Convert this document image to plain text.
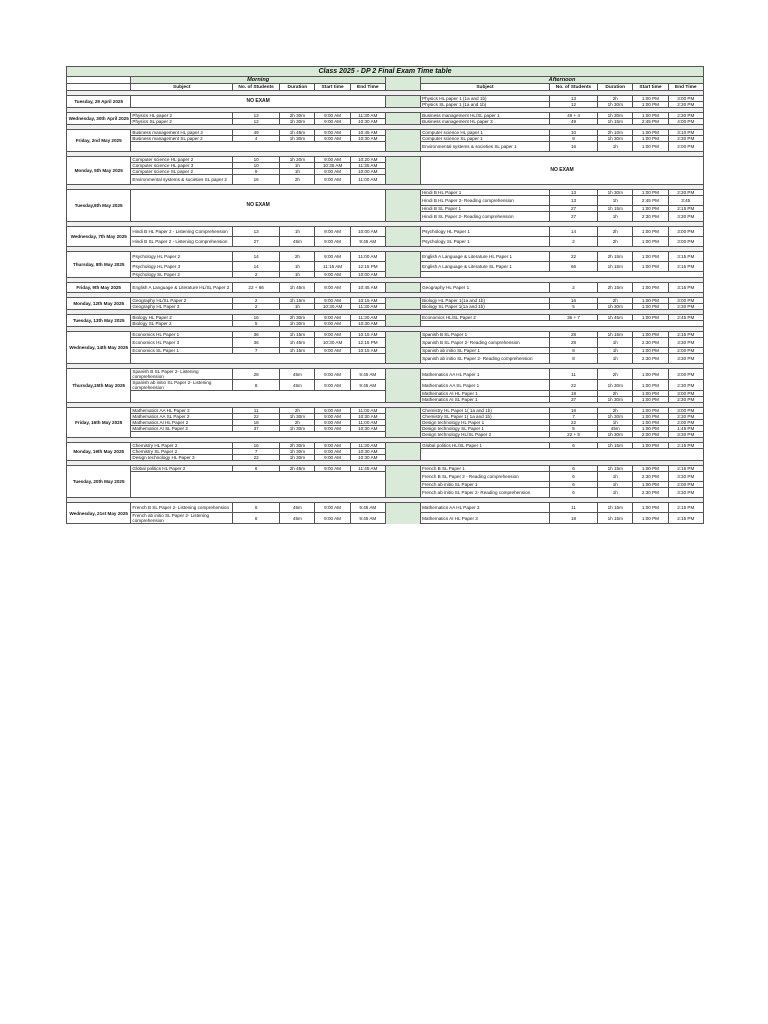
Class 2025 - DP 2 Final Exam Time table											
	Morning						Afternoon				
	Subject	No. of Students	Duration	Start time	End Time		Subject	No. of Students	Duration	Start time	End Time

Tuesday, 29 April 2025	NO EXAM						Physics HL paper 1 (1a and 1b)	13	2h	1:00 PM	3:00 PM
							Physics SL paper 1 (1a and 1b)	12	1h 30m	1:00 PM	2:30 PM

Wednesday, 30th April 2025	Physics HL paper 2	13	2h 30m	9:00 AM	11:30 AM		Business management HL/SL paper 1	49 + 4	1h 30m	1:00 PM	2:30 PM
	Physics SL paper 2	12	1h 30m	9:00 AM	10:30 AM		Business management HL paper 3	49	1h 15m	2:45 PM	4:00 PM

Friday, 2nd May 2025	Business management HL paper 2	49	1h 45m	9:00 AM	10:45 AM		Computer science HL paper 1	10	2h 10m	1:00 PM	3:10 PM
	Business management SL paper 2	4	1h 30m	9:00 AM	10:30 AM		Computer science SL paper 1	9	1h 30m	1:00 PM	2:30 PM
							Environmental systems & societies SL paper 1	16	1h	1:00 PM	2:00 PM

Monday, 5th May 2025	Computer science HL paper 2	10	1h 20m	9:00 AM	10:20 AM		NO EXAM				
	Computer science HL paper 3	10	1h	10:35 AM	11:35 AM						
	Computer science SL paper 2	9	1h	9:00 AM	10:00 AM						
	Environmental systems & societies SL paper 2	16	2h	9:00 AM	11:00 AM						

Tuesday,6th May 2025	NO EXAM						Hindi B HL Paper 1	13	1h 30m	1:00 PM	2:30 PM
							Hindi B HL Paper 2- Reading comprehension	13	1h	2:45 PM	3:45
							Hindi B SL Paper 1	27	1h 15m	1:00 PM	2:15 PM
							Hindi B SL Paper 2- Reading comprehension	27	1h	2:30 PM	3:30 PM

Wednesday, 7th May 2025	Hindi B HL Paper 2 - Listening Comprehension	13	1h	9:00 AM	10:00 AM		Psychology HL Paper 1	14	2h	1:00 PM	3:00 PM
	Hindi B SL Paper 2 - Listening Comprehension	27	45m	9:00 AM	9:45 AM		Psychology SL Paper 1	2	2h	1:00 PM	3:00 PM

Thursday, 8th May 2025	Psychology HL Paper 2	14	2h	9:00 AM	11:00 AM		English A Language & Literature HL Paper 1	22	2h 15m	1:00 PM	3:15 PM
	Psychology HL Paper 3	14	1h	11:15 AM	12:15 PM		English A Language & Literature SL Paper 1	66	1h 15m	1:00 PM	2:15 PM
	Psychology SL Paper 2	2	1h	9:00 AM	10:00 AM						

Friday, 9th May 2025	English A Language & Literature HL/SL Paper 2	22 + 66	1h 45m	9:00 AM	10:45 AM		Geography HL Paper 1	2	2h 15m	1:00 PM	3:15 PM

Monday, 12th May 2025	Geography HL/SL Paper 2	2	1h 15m	9:00 AM	10:15 AM		Biology HL Paper 1(1a and 1b)	16	2h	1:00 PM	3:00 PM
	Geography HL Paper 3	2	1h	10:30 AM	11:30 AM		Biology SL Paper 1(1a and 1b)	5	1h 30m	1:00 PM	2:30 PM

Tuesday, 13th May 2025	Biology HL Paper 2	16	2h 30m	9:00 AM	11:30 AM		Economics HL/SL Paper 2	36 + 7	1h 45m	1:00 PM	2:45 PM
	Biology SL Paper 2	5	1h 30m	9:00 AM	10:30 AM						

Wednesday, 14th May 2025	Economics HL Paper 1	36	1h 15m	9:00 AM	10:15 AM		Spanish B SL Paper 1	28	1h 15m	1:00 PM	2:15 PM
	Economics HL Paper 3	36	1h 45m	10:30 AM	12:15 PM		Spanish B SL Paper 2- Reading comprehension	28	1h	2:30 PM	3:30 PM
	Economics SL Paper 1	7	1h 15m	9:00 AM	10:15 AM		Spanish ab initio SL Paper 1	8	1h	1:00 PM	2:00 PM
							Spanish ab initio SL Paper 2- Reading comprehension	8	1h	2:30 PM	3:30 PM

Thursday,15th May 2025	Spanish B SL Paper 2- Listening comprehension	28	45m	9:00 AM	9:45 AM		Mathematics AA HL Paper 1	11	2h	1:00 PM	3:00 PM
	Spanish ab initio SL Paper 2- Listening comprehension	8	45m	9:00 AM	9:45 AM		Mathematics AA SL Paper 1	22	1h 30m	1:00 PM	2:30 PM
							Mathematics AI HL Paper 1	18	2h	1:00 PM	3:00 PM
							Mathematics AI SL Paper 1	37	1h 30m	1:00 PM	2:30 PM

Friday, 16th May 2025	Mathematics AA HL Paper 2	11	2h	9:00 AM	11:00 AM		Chemistry HL Paper 1( 1a and 1b)	16	2h	1:00 PM	3:00 PM
	Mathematics AA SL Paper 2	22	1h 30m	9:00 AM	10:30 AM		Chemistry SL Paper 1( 1a and 1b)	7	1h 30m	1:00 PM	2:30 PM
	Mathematics AI HL Paper 2	18	2h	9:00 AM	11:00 AM		Design technology HL Paper 1	22	1h	1:00 PM	2:00 PM
	Mathematics AI SL Paper 2	37	1h 30m	9:00 AM	10:30 AM		Design technology SL Paper 1	5	45m	1:00 PM	1:45 PM
							Design technology HL/SL Paper 2	22 + 5	1h 30m	2:00 PM	3:30 PM

Monday, 19th May 2025	Chemistry HL Paper 2	16	2h 30m	9:00 AM	11:30 AM		Global politics HL/SL Paper 1	6	1h 15m	1:00 PM	2:15 PM
	Chemistry SL Paper 2	7	1h 30m	9:00 AM	10:30 AM						
	Design technology HL Paper 3	22	1h 30m	9:00 AM	10:30 AM						

Tuesday, 20th May 2025	Global politics HL Paper 2	6	2h 45m	9:00 AM	11:45 AM		French B SL Paper 1	6	1h 15m	1:00 PM	2:15 PM
							French B SL Paper 2 - Reading comprehension	6	1h	2:30 PM	3:30 PM
							French ab initio SL Paper 1	6	1h	1:00 PM	2:00 PM
							French ab initio SL Paper 2- Reading comprehension	6	1h	2:30 PM	3:30 PM

Wednesday, 21st May 2025	French B SL Paper 2- Listening comprehension	6	45m	9:00 AM	9:45 AM		Mathematics AA HL Paper 3	11	1h 15m	1:00 PM	2:15 PM
	French ab initio SL Paper 2- Listening comprehension	6	45m	9:00 AM	9:45 AM		Mathematics AI HL Paper 3	18	1h 15m	1:00 PM	2:15 PM
